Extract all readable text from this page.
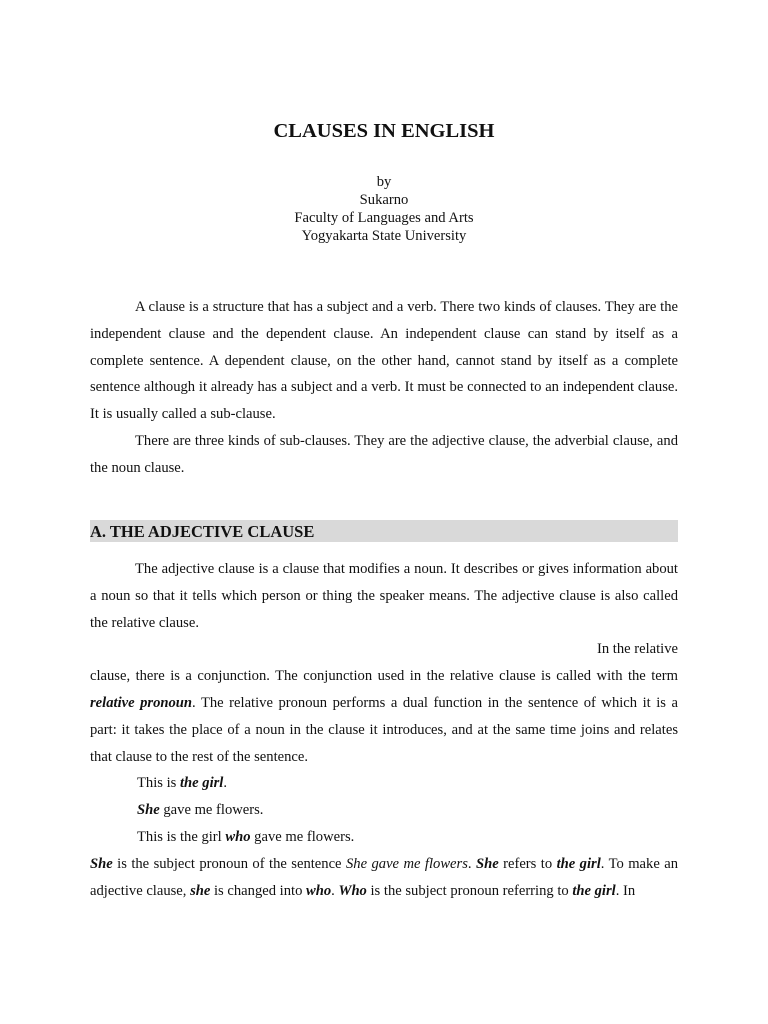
CLAUSES IN ENGLISH
by
Sukarno
Faculty of Languages and Arts
Yogyakarta State University

A clause is a structure that has a subject and a verb. There two kinds of clauses. They are the independent clause and the dependent clause. An independent clause can stand by itself as a complete sentence. A dependent clause, on the other hand, cannot stand by itself as a complete sentence although it already has a subject and a verb. It must be connected to an independent clause. It is usually called a sub-clause.

There are three kinds of sub-clauses. They are the adjective clause, the adverbial clause, and the noun clause.

A. THE ADJECTIVE CLAUSE

The adjective clause is a clause that modifies a noun. It describes or gives information about a noun so that it tells which person or thing the speaker means. The adjective clause is also called the relative clause.

In the relative

clause, there is a conjunction. The conjunction used in the relative clause is called with the term relative pronoun. The relative pronoun performs a dual function in the sentence of which it is a part: it takes the place of a noun in the clause it introduces, and at the same time joins and relates that clause to the rest of the sentence.

This is the girl.

She gave me flowers.

This is the girl who gave me flowers.

She is the subject pronoun of the sentence She gave me flowers. She refers to the girl. To make an adjective clause, she is changed into who. Who is the subject pronoun referring to the girl. In
